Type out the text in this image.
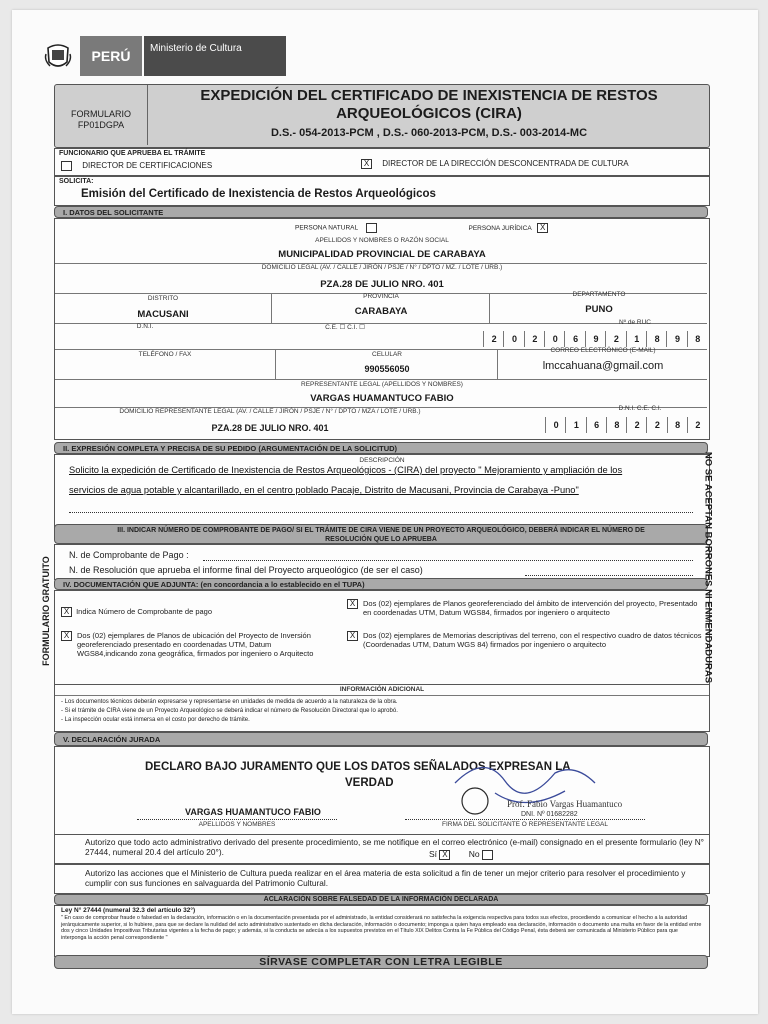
PERÚ	Ministerio de Cultura
FORMULARIO
FP01DGPA
EXPEDICIÓN DEL CERTIFICADO DE INEXISTENCIA DE RESTOS
ARQUEOLÓGICOS (CIRA)
D.S.- 054-2013-PCM , D.S.- 060-2013-PCM, D.S.- 003-2014-MC
FUNCIONARIO QUE APRUEBA EL TRÁMITE
DIRECTOR DE CERTIFICACIONES	X DIRECTOR DE LA DIRECCIÓN DESCONCENTRADA DE CULTURA
SOLICITA:
Emisión del Certificado de Inexistencia de Restos Arqueológicos
I. DATOS DEL SOLICITANTE
PERSONA NATURAL	PERSONA JURÍDICA X
APELLIDOS Y NOMBRES O RAZÓN SOCIAL
MUNICIPALIDAD PROVINCIAL DE CARABAYA
DOMICILIO LEGAL (AV. / CALLE / JIRÓN / PSJE / N° / DPTO / MZ. / LOTE / URB.)
PZA.28 DE JULIO NRO. 401
DISTRITO
MACUSANI
PROVINCIA
CARABAYA
DEPARTAMENTO
PUNO
D.N.I.	C.E. ☐ C.I. ☐
Nº de RUC
2	0	2	0	6	9	2	1	8	9	8
TELÉFONO / FAX	CELULAR
990556050
CORREO ELECTRÓNICO (E-MAIL)
lmccahuana@gmail.com
REPRESENTANTE LEGAL (APELLIDOS Y NOMBRES)
VARGAS HUAMANTUCO FABIO
DOMICILIO REPRESENTANTE LEGAL (AV. / CALLE / JIRÓN / PSJE / N° / DPTO / MZA / LOTE / URB.)
PZA.28 DE JULIO NRO. 401
D.N.I. C.E. C.I.
0	1	6	8	2	2	8	2
II. EXPRESIÓN COMPLETA Y PRECISA DE SU PEDIDO (ARGUMENTACIÓN DE LA SOLICITUD)
DESCRIPCIÓN
Solicito la expedición de Certificado de Inexistencia de Restos Arqueológicos - (CIRA) del proyecto " Mejoramiento y ampliación de los
servicios de agua potable y alcantarillado, en el centro poblado Pacaje, Distrito de Macusani, Provincia de Carabaya -Puno"
III. INDICAR NÚMERO DE COMPROBANTE DE PAGO/ SI EL TRÁMITE DE CIRA VIENE DE UN PROYECTO ARQUEOLÓGICO, DEBERÁ INDICAR EL NÚMERO DE
RESOLUCIÓN QUE LO APRUEBA
N. de Comprobante de Pago :
N. de Resolución que aprueba el informe final del Proyecto arqueológico (de ser el caso)
IV. DOCUMENTACIÓN QUE ADJUNTA: (en concordancia a lo establecido en el TUPA)
X Indica Número de Comprobante de pago
X	Dos (02) ejemplares de Planos de ubicación del Proyecto de Inversión georeferenciado presentado en coordenadas UTM, Datum WGS84,indicando zona geográfica, firmados por ingeniero o Arquitecto
X	Dos (02) ejemplares de Planos georeferenciado del ámbito de intervención del proyecto, Presentado en coordenadas UTM, Datum WGS84, firmados por ingeniero o arquitecto
X	Dos (02) ejemplares de Memorias descriptivas del terreno, con el respectivo cuadro de datos técnicos (Coordenadas UTM, Datum WGS 84) firmados por ingeniero o arquitecto
INFORMACIÓN ADICIONAL
- Los documentos técnicos deberán expresarse y representarse en unidades de medida de acuerdo a la naturaleza de la obra.
- Si el trámite de CIRA viene de un Proyecto Arqueológico se deberá indicar el número de Resolución Directoral que lo aprobó.
- La inspección ocular está inmersa en el costo por derecho de trámite.
V. DECLARACIÓN JURADA
DECLARO BAJO JURAMENTO QUE LOS DATOS SEÑALADOS EXPRESAN LA
VERDAD
VARGAS HUAMANTUCO FABIO
APELLIDOS Y NOMBRES
Prof. Fabio Vargas Huamantuco
DNI. Nº 01682282
FIRMA DEL SOLICITANTE O REPRESENTANTE LEGAL
Autorizo que todo acto administrativo derivado del presente procedimiento, se me notifique en el correo electrónico (e-mail) consignado en el presente formulario (ley N° 27444, numeral 20.4 del artículo 20°).	Sí X No
Autorizo las acciones que el Ministerio de Cultura pueda realizar en el área materia de esta solicitud a fin de tener un mejor criterio para resolver el procedimiento y cumplir con sus funciones en salvaguarda del Patrimonio Cultural.
ACLARACIÓN SOBRE FALSEDAD DE LA INFORMACIÓN DECLARADA
Ley N° 27444 (numeral 32.3 del artículo 32°)
" En caso de comprobar fraude o falsedad en la declaración, información o en la documentación presentada por el administrado, la entidad considerará no satisfecha la exigencia respectiva para todos sus efectos, procediendo a comunicar el hecho a la autoridad jerárquicamente superior, si lo hubiere, para que se declare la nulidad del acto administrativo sustentado en dicha declaración, información o documento; imponga a quien haya empleado esa declaración, información o documento una multa en favor de la entidad entre dos y cinco Unidades Impositivas Tributarias vigentes a la fecha de pago; y además, si la conducta se adecúa a los supuestos previstos en el Título XIX Delitos Contra la Fe Pública del Código Penal, ésta deberá ser comunicada al Ministerio Público para que interponga la acción penal correspondiente "
SÍRVASE COMPLETAR CON LETRA LEGIBLE
FORMULARIO GRATUITO	NO SE ACEPTAN BORRONES NI ENMENDADURAS
